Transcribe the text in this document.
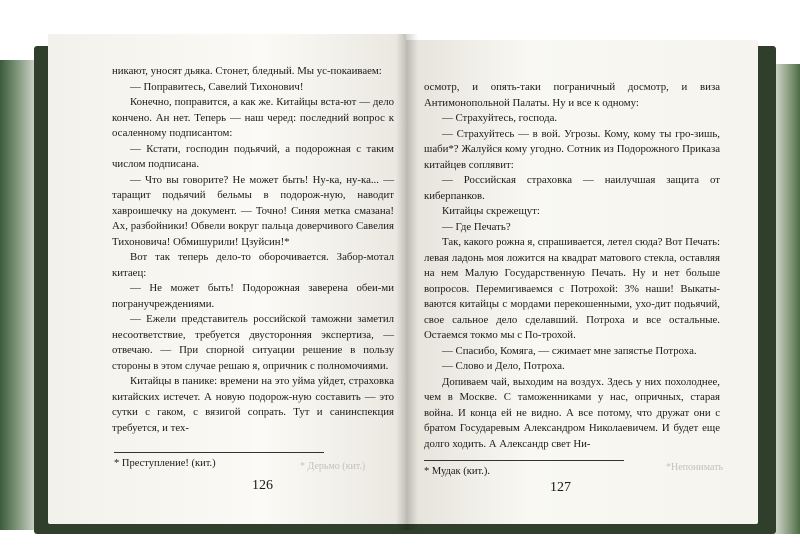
никают, уносят дьяка. Стонет, бледный. Мы ус-покаиваем:

— Поправитесь, Савелий Тихонович!

Конечно, поправится, а как же. Китайцы вста-ют — дело кончено. Ан нет. Теперь — наш черед: последний вопрос к осаленному подписантом:

— Кстати, господин подьячий, а подорожная с таким числом подписана.

— Что вы говорите? Не может быть! Ну-ка, ну-ка... — таращит подьячий бельмы в подорож-ную, наводит хавроишечку на документ. — Точно! Синяя метка смазана! Ах, разбойники! Обвели вокруг пальца доверчивого Савелия Тихоновича! Обмишурили! Цзуйсин!*

Вот так теперь дело-то оборочивается. Забор-мотал китаец:

— Не может быть! Подорожная заверена обеи-ми погранучреждениями.

— Ежели представитель российской таможни заметил несоответствие, требуется двусторонняя экспертиза, — отвечаю. — При спорной ситуации решение в пользу стороны в этом случае решаю я, опричник с полномочиями.

Китайцы в панике: времени на это уйма уйдет, страховка китайских истечет. А новую подорож-ную составить — это сутки с гаком, с вязигой сопрать. Тут и санинспекция требуется, и тех-

* Преступление! (кит.)	* Дерьмо (кит.)
126

осмотр, и опять-таки пограничный досмотр, и виза Антимонопольной Палаты. Ну и все к одному:

— Страхуйтесь, господа.

— Страхуйтесь — в вой. Угрозы. Кому, кому ты гро-зишь, шаби*? Жалуйся кому угодно. Сотник из Подорожного Приказа китайцев соплявит:

— Российская страховка — наилучшая защита от киберпанков.

Китайцы скрежещут:

— Где Печать?

Так, какого рожна я, спрашивается, летел сюда? Вот Печать: левая ладонь моя ложится на квадрат матового стекла, оставляя на нем Малую Государственную Печать. Ну и нет больше вопросов. Перемигиваемся с Потрохой: 3% наши! Выкаты-ваются китайцы с мордами перекошенными, ухо-дит подьячий, свое сальное дело сделавший. Потроха и все остальные. Остаемся токмо мы с По-трохой.

— Спасибо, Комяга, — сжимает мне запястье Потроха.

— Слово и Дело, Потроха.

Допиваем чай, выходим на воздух. Здесь у них похолоднее, чем в Москве. С таможенниками у нас, опричных, старая война. И конца ей не видно. А все потому, что дружат они с братом Государевым Александром Николаевичем. И будет еще долго ходить. А Александр свет Ни-

* Мудак (кит.).	*Непонимать
127
